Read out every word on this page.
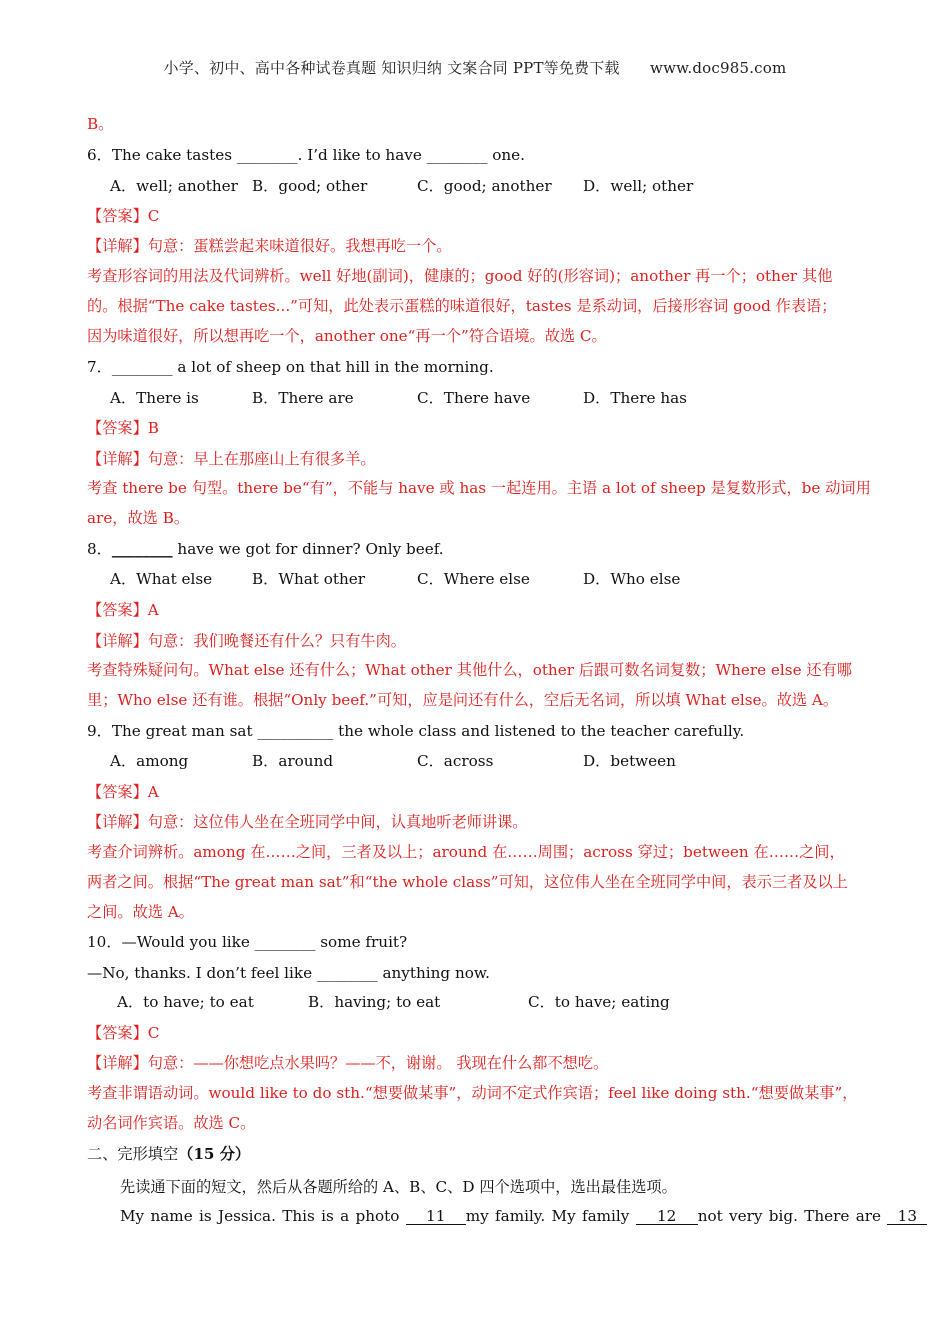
小学、初中、高中各种试卷真题 知识归纳 文案合同 PPT等免费下载　　www.doc985.com
B。
6．The cake tastes ________. I’d like to have ________ one.
A．well; another B．good; other	C．good; another D．well; other
【答案】C
【详解】句意：蛋糕尝起来味道很好。我想再吃一个。
考查形容词的用法及代词辨析。well 好地(副词)，健康的；good 好的(形容词)；another 再一个；other 其他
的。根据“The cake tastes...”可知，此处表示蛋糕的味道很好，tastes 是系动词，后接形容词 good 作表语；
因为味道很好，所以想再吃一个，another one“再一个”符合语境。故选 C。
7．________ a lot of sheep on that hill in the morning.
A．There is	B．There are	C．There have	D．There has
【答案】B
【详解】句意：早上在那座山上有很多羊。
考查 there be 句型。there be“有”，不能与 have 或 has 一起连用。主语 a lot of sheep 是复数形式，be 动词用
are，故选 B。
8．________ have we got for dinner? Only beef.
A．What else	B．What other	C．Where else	D．Who else
【答案】A
【详解】句意：我们晚餐还有什么？只有牛肉。
考查特殊疑问句。What else 还有什么；What other 其他什么，other 后跟可数名词复数；Where else 还有哪
里；Who else 还有谁。根据“Only beef.”可知，应是问还有什么，空后无名词，所以填 What else。故选 A。
9．The great man sat __________ the whole class and listened to the teacher carefully.
A．among	B．around	C．across	D．between
【答案】A
【详解】句意：这位伟人坐在全班同学中间，认真地听老师讲课。
考查介词辨析。among 在……之间，三者及以上；around 在……周围；across 穿过；between 在……之间，
两者之间。根据“The great man sat”和“the whole class”可知，这位伟人坐在全班同学中间，表示三者及以上
之间。故选 A。
10．—Would you like ________ some fruit?
—No, thanks. I don’t feel like ________ anything now.
A．to have; to eat	B．having; to eat	C．to have; eating
【答案】C
【详解】句意：——你想吃点水果吗？——不，谢谢。 我现在什么都不想吃。
考查非谓语动词。would like to do sth.“想要做某事”，动词不定式作宾语；feel like doing sth.“想要做某事”，
动名词作宾语。故选 C。
二、完形填空（15 分）
先读通下面的短文，然后从各题所给的 A、B、C、D 四个选项中，选出最佳选项。
My name is Jessica. This is a photo 11 my family. My family 12 not very big. There are 13
